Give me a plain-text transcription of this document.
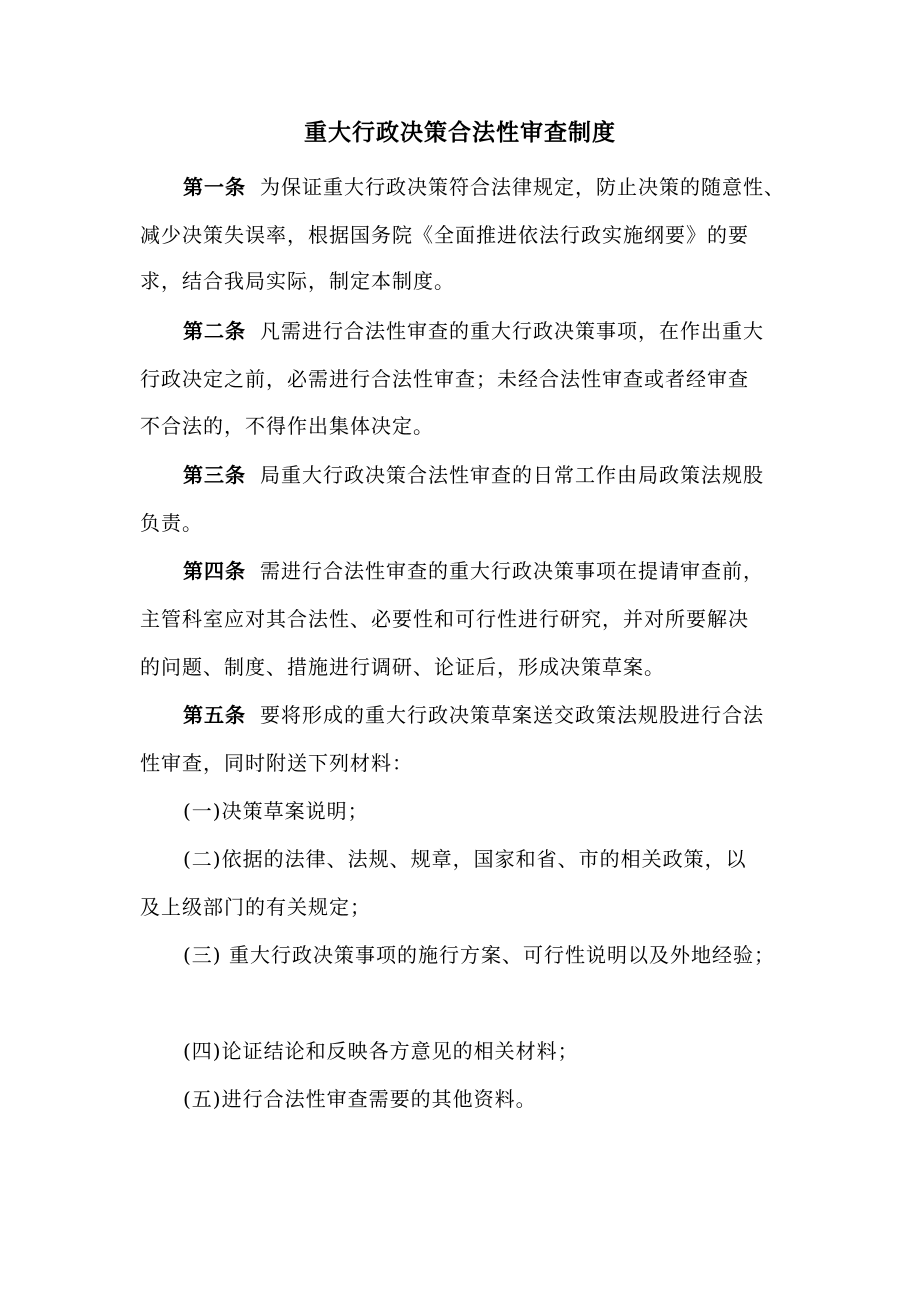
重大行政决策合法性审查制度
第一条 为保证重大行政决策符合法律规定，防止决策的随意性、
减少决策失误率，根据国务院《全面推进依法行政实施纲要》的要
求，结合我局实际，制定本制度。
第二条 凡需进行合法性审查的重大行政决策事项，在作出重大
行政决定之前，必需进行合法性审查；未经合法性审查或者经审查
不合法的，不得作出集体决定。
第三条 局重大行政决策合法性审查的日常工作由局政策法规股
负责。
第四条 需进行合法性审查的重大行政决策事项在提请审查前，
主管科室应对其合法性、必要性和可行性进行研究，并对所要解决
的问题、制度、措施进行调研、论证后，形成决策草案。
第五条 要将形成的重大行政决策草案送交政策法规股进行合法
性审查，同时附送下列材料：
(一)决策草案说明；
(二)依据的法律、法规、规章，国家和省、市的相关政策，以
及上级部门的有关规定；
(三) 重大行政决策事项的施行方案、可行性说明以及外地经验；
(四)论证结论和反映各方意见的相关材料；
(五)进行合法性审查需要的其他资料。
